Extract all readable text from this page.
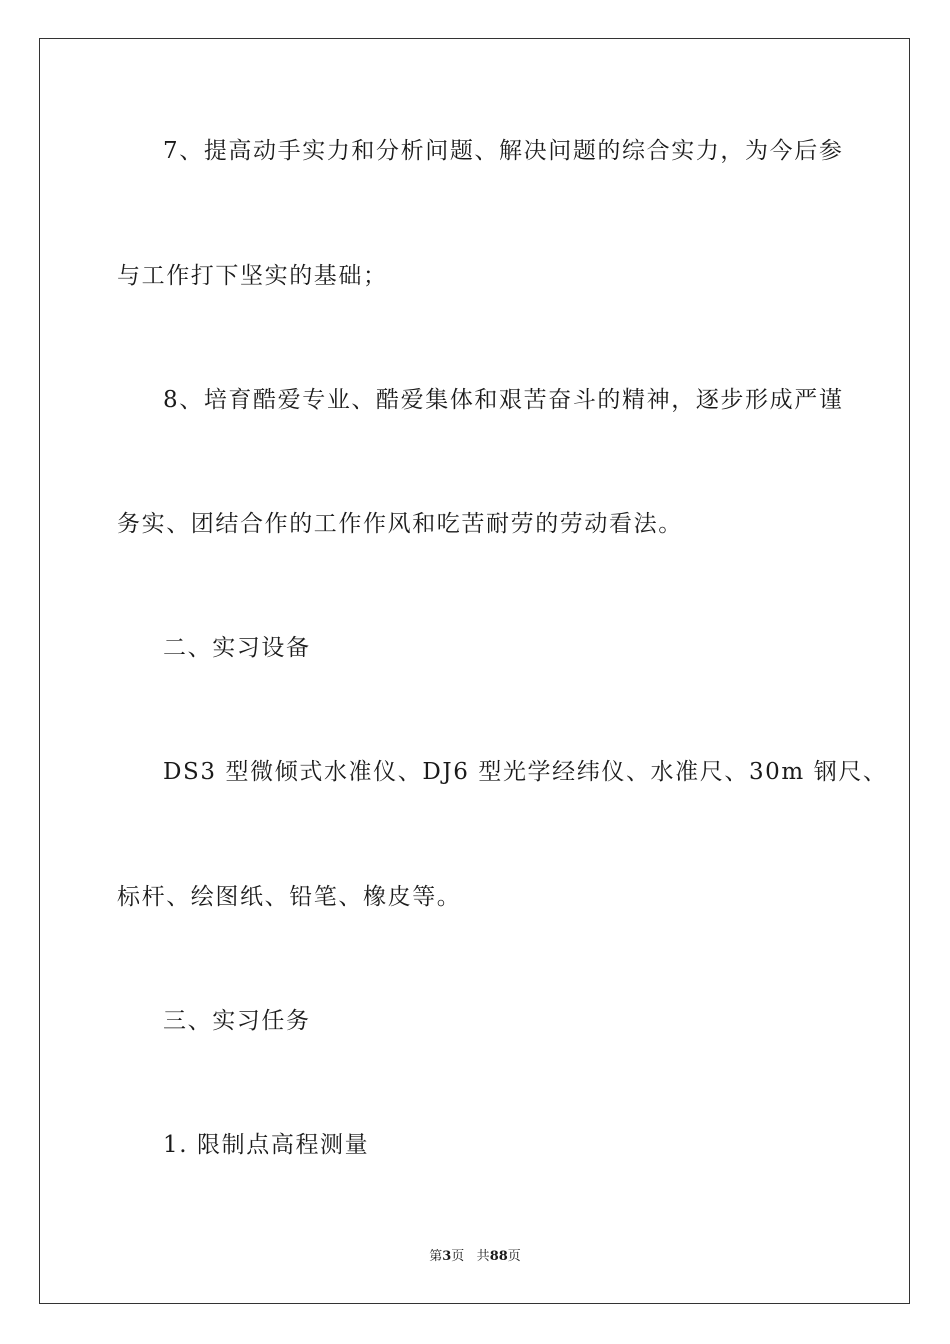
7、提高动手实力和分析问题、解决问题的综合实力，为今后参
与工作打下坚实的基础；
8、培育酷爱专业、酷爱集体和艰苦奋斗的精神，逐步形成严谨
务实、团结合作的工作作风和吃苦耐劳的劳动看法。
二、实习设备
DS3 型微倾式水准仪、DJ6 型光学经纬仪、水准尺、30m 钢尺、
标杆、绘图纸、铅笔、橡皮等。
三、实习任务
1. 限制点高程测量
第3页 共88页
